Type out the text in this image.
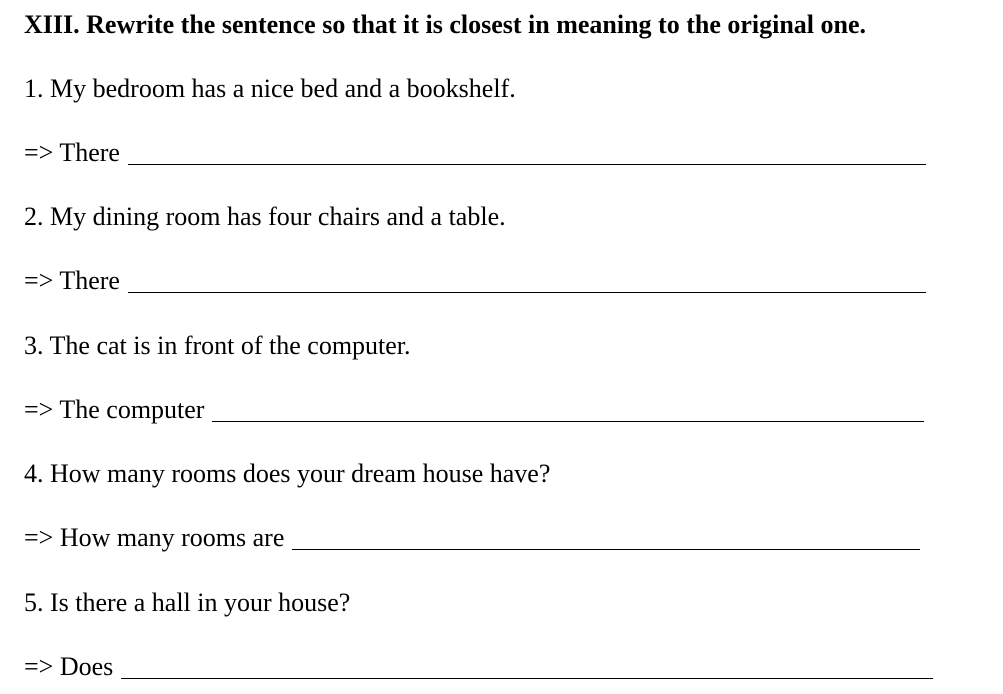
XIII. Rewrite the sentence so that it is closest in meaning to the original one.
1. My bedroom has a nice bed and a bookshelf.
=> There
2. My dining room has four chairs and a table.
=> There
3. The cat is in front of the computer.
=> The computer
4. How many rooms does your dream house have?
=> How many rooms are
5. Is there a hall in your house?
=> Does
